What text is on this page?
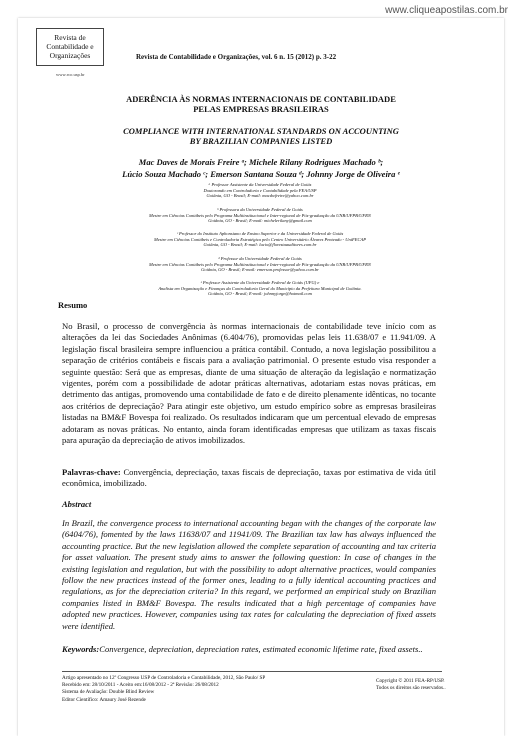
www.cliqueapostilas.com.br
Revista de
Contabilidade e
Organizações
www.rco.usp.br
Revista de Contabilidade e Organizações, vol. 6 n. 15 (2012) p. 3-22
ADERÊNCIA ÀS NORMAS INTERNACIONAIS DE CONTABILIDADE
PELAS EMPRESAS BRASILEIRAS
COMPLIANCE WITH INTERNATIONAL STANDARDS ON ACCOUNTING
BY BRAZILIAN COMPANIES LISTED
Mac Daves de Morais Freire ᵃ; Michele Rilany Rodrigues Machado ᵇ;
Lúcio Souza Machado ᶜ; Emerson Santana Souza ᵈ; Johnny Jorge de Oliveira ᵉ
ᵃ Professor Assistente da Universidade Federal de Goiás
Doutorando em Controladoria e Contabilidade pela FEA/USP
Goiânia, GO - Brasil; E-mail: macdwfreire@yahoo.com.br
ᵇ Professora da Universidade Federal de Goiás
Mestre em Ciências Contábeis pelo Programa Multiinstitucional e Inter-regional de Pós-graduação da UNB/UFPB/UFRN
Goiânia, GO - Brasil; E-mail: michelerilany@gmail.com
ᶜ Professor do Instituto Aphonsiano de Ensino Superior e da Universidade Federal de Goiás
Mestre em Ciências Contábeis e Controladoria Estratégica pelo Centro Universitário Álvares Penteado - UniFECAP
Goiânia, GO - Brasil; E-mail: lucio@florestaauditores.com.br
ᵈ Professor da Universidade Federal de Goiás
Mestre em Ciências Contábeis pelo Programa Multiinstitucional e Inter-regional de Pós-graduação da UNB/UFPB/UFRN
Goiânia, GO - Brasil; E-mail: emerson.professor@yahoo.com.br
ᵉ Professor Assistente da Universidade Federal de Goiás (UFG) e
Analista em Organização e Finanças da Controladoria Geral do Município da Prefeitura Municipal de Goiânia.
Goiânia, GO - Brasil; E-mail: johnnyjorge@hotmail.com
Resumo
No Brasil, o processo de convergência às normas internacionais de contabilidade teve início com as alterações da lei das Sociedades Anônimas (6.404/76), promovidas pelas leis 11.638/07 e 11.941/09. A legislação fiscal brasileira sempre influenciou a prática contábil. Contudo, a nova legislação possibilitou a separação de critérios contábeis e fiscais para a avaliação patrimonial. O presente estudo visa responder a seguinte questão: Será que as empresas, diante de uma situação de alteração da legislação e normatização vigentes, porém com a possibilidade de adotar práticas alternativas, adotariam estas novas práticas, em detrimento das antigas, promovendo uma contabilidade de fato e de direito plenamente idênticas, no tocante aos critérios de depreciação? Para atingir este objetivo, um estudo empírico sobre as empresas brasileiras listadas na BM&F Bovespa foi realizado. Os resultados indicaram que um percentual elevado de empresas adotaram as novas práticas. No entanto, ainda foram identificadas empresas que utilizam as taxas fiscais para apuração da depreciação de ativos imobilizados.
Palavras-chave: Convergência, depreciação, taxas fiscais de depreciação, taxas por estimativa de vida útil econômica, imobilizado.
Abstract
In Brazil, the convergence process to international accounting began with the changes of the corporate law (6404/76), fomented by the laws 11638/07 and 11941/09. The Brazilian tax law has always influenced the accounting practice. But the new legislation allowed the complete separation of accounting and tax criteria for asset valuation. The present study aims to answer the following question: In case of changes in the existing legislation and regulation, but with the possibility to adopt alternative practices, would companies follow the new practices instead of the former ones, leading to a fully identical accounting practices and regulations, as for the depreciation criteria? In this regard, we performed an empirical study on Brazilian companies listed in BM&F Bovespa. The results indicated that a high percentage of companies have adopted new practices. However, companies using tax rates for calculating the depreciation of fixed assets were identified.
Keywords:Convergence, depreciation, depreciation rates, estimated economic lifetime rate, fixed assets..
Artigo apresentado no 12º Congresso USP de Controladoria e Contabilidade, 2012, São Paulo/ SP
Recebido em: 28/10/2011 - Aceito em:16/08/2012 - 2ª Revisão: 26/08/2012
Sistema de Avaliação: Double Blind Review
Editor Científico: Amaury José Rezende
Copyright © 2011 FEA-RP/USP.
Todos os direitos são reservados..
